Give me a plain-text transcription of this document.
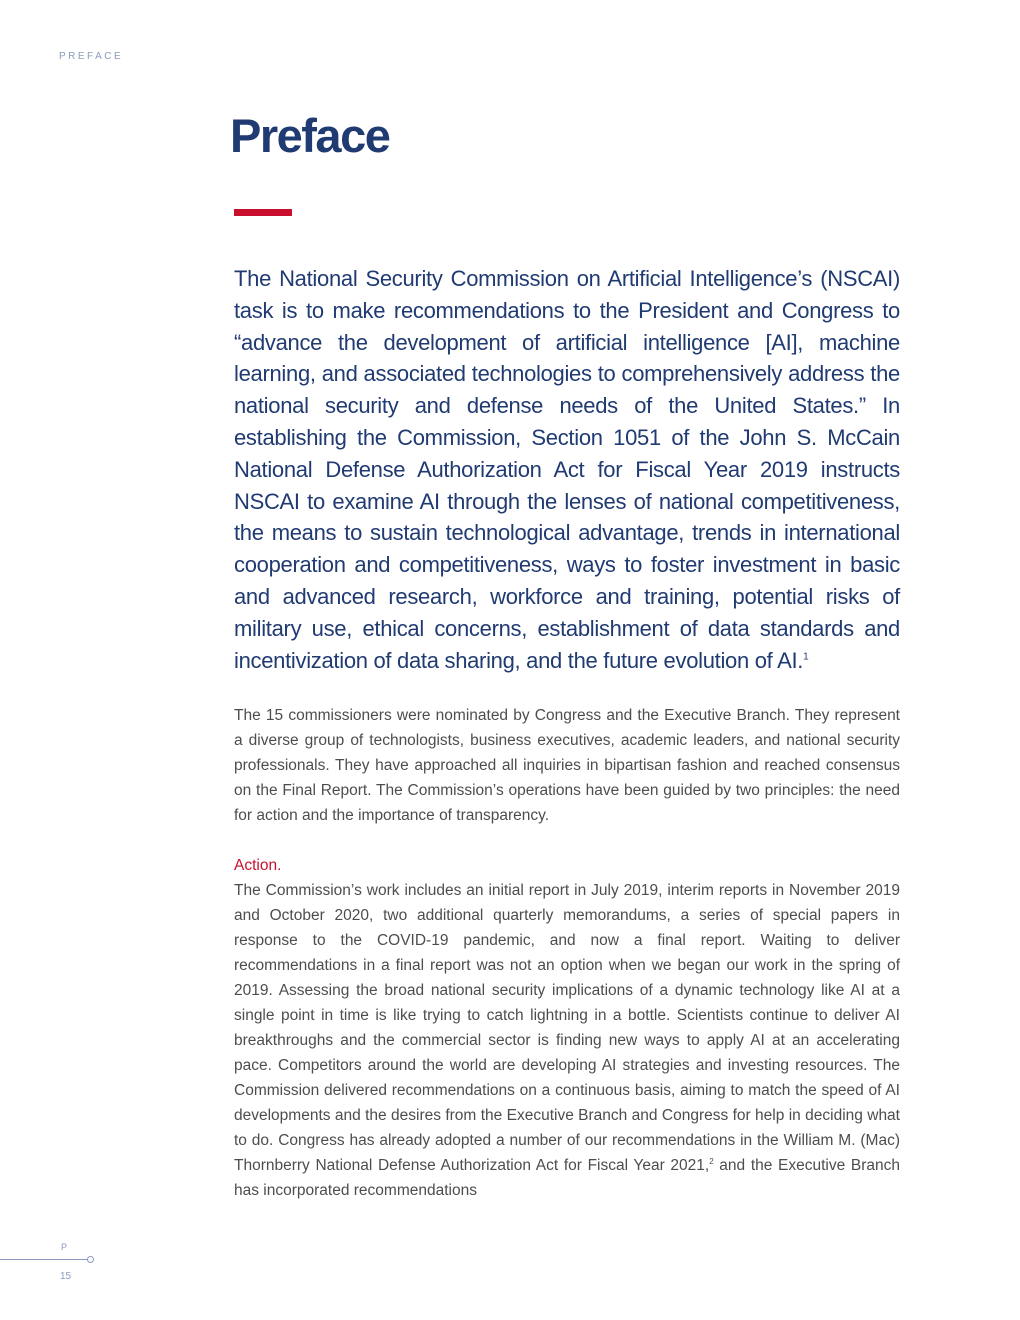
PREFACE
Preface

The National Security Commission on Artificial Intelligence’s (NSCAI) task is to make recommendations to the President and Congress to “advance the development of artificial intelligence [AI], machine learning, and associated technologies to comprehensively address the national security and defense needs of the United States.” In establishing the Commission, Section 1051 of the John S. McCain National Defense Authorization Act for Fiscal Year 2019 instructs NSCAI to examine AI through the lenses of national competitiveness, the means to sustain technological advantage, trends in international cooperation and competitiveness, ways to foster investment in basic and advanced research, workforce and training, potential risks of military use, ethical concerns, establishment of data standards and incentivization of data sharing, and the future evolution of AI.$^1$

The 15 commissioners were nominated by Congress and the Executive Branch. They represent a diverse group of technologists, business executives, academic leaders, and national security professionals. They have approached all inquiries in bipartisan fashion and reached consensus on the Final Report. The Commission’s operations have been guided by two principles: the need for action and the importance of transparency.

Action.

The Commission’s work includes an initial report in July 2019, interim reports in November 2019 and October 2020, two additional quarterly memorandums, a series of special papers in response to the COVID-19 pandemic, and now a final report. Waiting to deliver recommendations in a final report was not an option when we began our work in the spring of 2019. Assessing the broad national security implications of a dynamic technology like AI at a single point in time is like trying to catch lightning in a bottle. Scientists continue to deliver AI breakthroughs and the commercial sector is finding new ways to apply AI at an accelerating pace. Competitors around the world are developing AI strategies and investing resources. The Commission delivered recommendations on a continuous basis, aiming to match the speed of AI developments and the desires from the Executive Branch and Congress for help in deciding what to do. Congress has already adopted a number of our recommendations in the William M. (Mac) Thornberry National Defense Authorization Act for Fiscal Year 2021,$^2$ and the Executive Branch has incorporated recommendations

P
15
